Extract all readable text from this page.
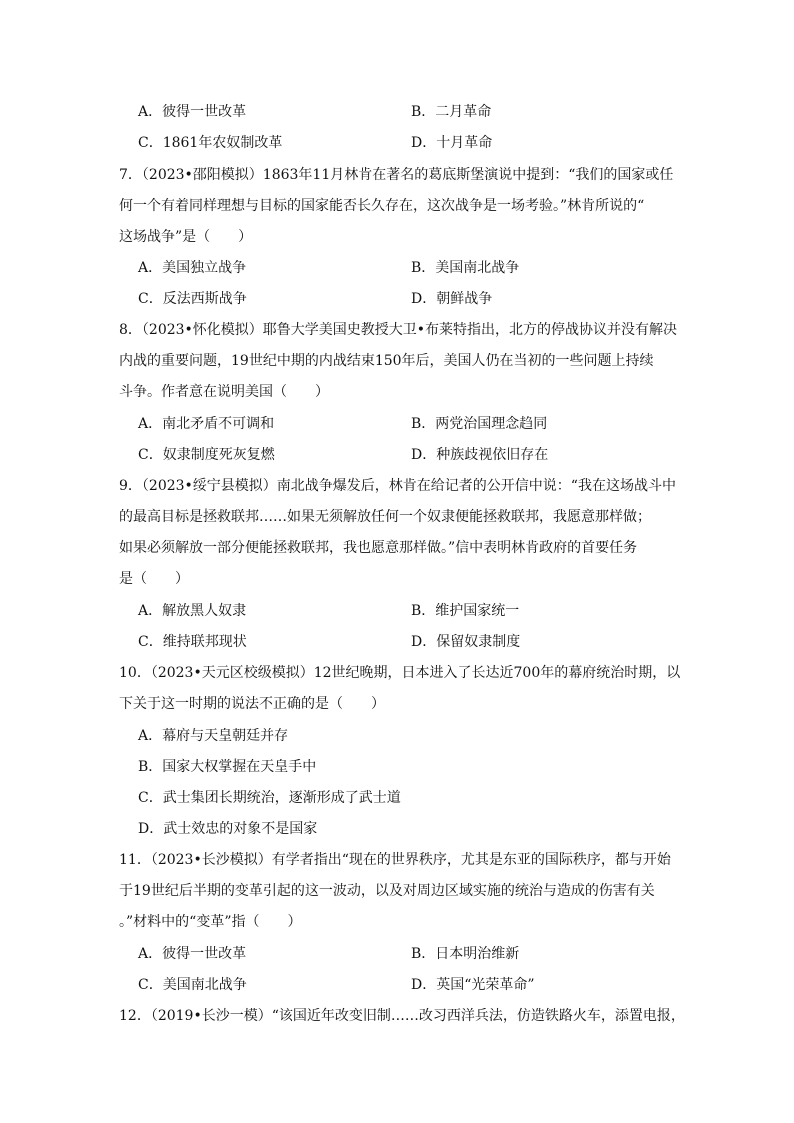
A．彼得一世改革	B．二月革命
C．1861年农奴制改革	D．十月革命
7．（2023•邵阳模拟）1863年11月林肯在著名的葛底斯堡演说中提到：“我们的国家或任
何一个有着同样理想与目标的国家能否长久存在，这次战争是一场考验。”林肯所说的“
这场战争”是（　　）
A．美国独立战争	B．美国南北战争
C．反法西斯战争	D．朝鲜战争
8．（2023•怀化模拟）耶鲁大学美国史教授大卫•布莱特指出，北方的停战协议并没有解决
内战的重要问题，19世纪中期的内战结束150年后，美国人仍在当初的一些问题上持续
斗争。作者意在说明美国（　　）
A．南北矛盾不可调和	B．两党治国理念趋同
C．奴隶制度死灰复燃	D．种族歧视依旧存在
9．（2023•绥宁县模拟）南北战争爆发后，林肯在给记者的公开信中说：“我在这场战斗中
的最高目标是拯救联邦……如果无须解放任何一个奴隶便能拯救联邦，我愿意那样做；
如果必须解放一部分便能拯救联邦，我也愿意那样做。”信中表明林肯政府的首要任务
是（　　）
A．解放黑人奴隶	B．维护国家统一
C．维持联邦现状	D．保留奴隶制度
10．（2023•天元区校级模拟）12世纪晚期，日本进入了长达近700年的幕府统治时期，以
下关于这一时期的说法不正确的是（　　）
A．幕府与天皇朝廷并存
B．国家大权掌握在天皇手中
C．武士集团长期统治，逐渐形成了武士道
D．武士效忠的对象不是国家
11．（2023•长沙模拟）有学者指出“现在的世界秩序，尤其是东亚的国际秩序，都与开始
于19世纪后半期的变革引起的这一波动，以及对周边区域实施的统治与造成的伤害有关
。”材料中的“变革”指（　　）
A．彼得一世改革	B．日本明治维新
C．美国南北战争	D．英国“光荣革命”
12．（2019•长沙一模）“该国近年改变旧制……改习西洋兵法，仿造铁路火车，添置电报，
